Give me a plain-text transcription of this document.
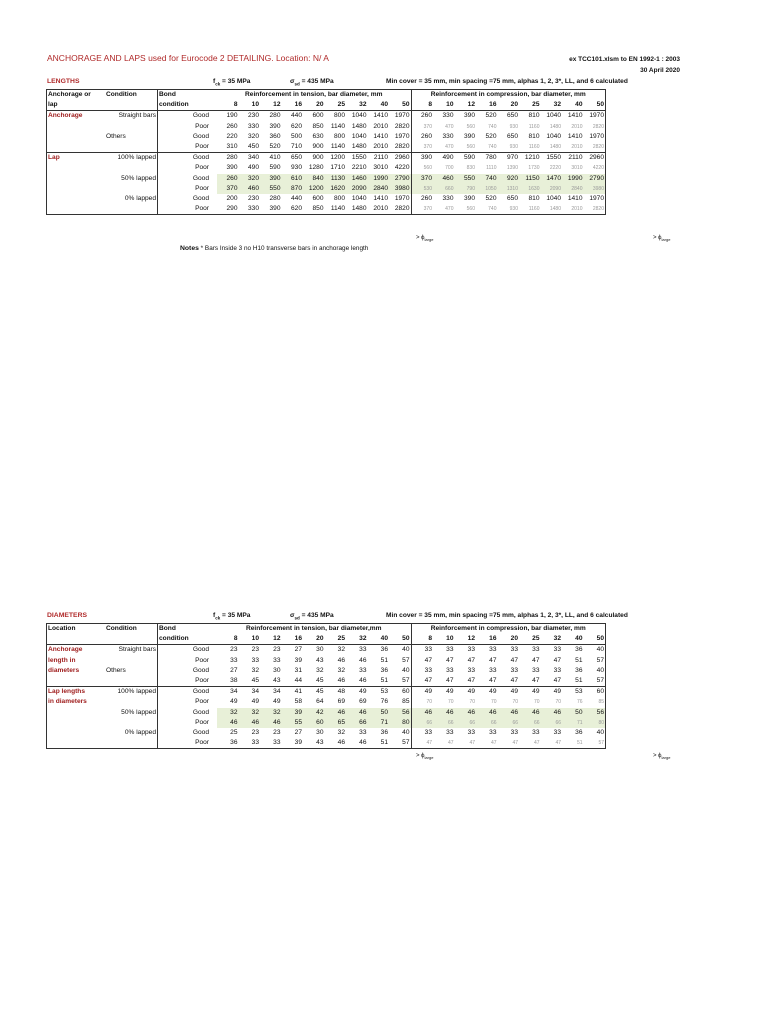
ANCHORAGE AND LAPS used for Eurocode 2 DETAILING. Location: N/ A	ex TCC101.xlsm to EN 1992-1 : 2003
30 April 2020
LENGTHS	$f_{ck} = 35$ MPa	$\sigma_{sd} = 435$ MPa	Min cover = 35 mm, min spacing =75 mm, alphas 1, 2, 3*, LL, and 6 calculated
Anchorage or	Condition	Bond	Reinforcement in tension, bar diameter, mm									Reinforcement in compression, bar diameter, mm								
lap		condition	8	10	12	16	20	25	32	40	50	8	10	12	16	20	25	32	40	50
Anchorage	Straight bars	Good	190	230	280	440	600	800	1040	1410	1970	260	330	390	520	650	810	1040	1410	1970
		Poor	260	330	390	620	850	1140	1480	2010	2820	370	470	560	740	930	1160	1480	2010	2820
	Others	Good	220	320	360	500	630	800	1040	1410	1970	260	330	390	520	650	810	1040	1410	1970
		Poor	310	450	520	710	900	1140	1480	2010	2820	370	470	560	740	930	1160	1480	2010	2820
Lap	100% lapped	Good	280	340	410	650	900	1200	1550	2110	2960	390	490	590	780	970	1210	1550	2110	2960
		Poor	390	490	590	930	1280	1710	2210	3010	4220	560	700	830	1110	1390	1730	2220	3010	4220
	50% lapped	Good	260	320	390	610	840	1130	1460	1990	2790	370	460	550	740	920	1150	1470	1990	2790
		Poor	370	460	550	870	1200	1620	2090	2840	3980	530	660	790	1050	1310	1630	2090	2840	3980
	0% lapped	Good	200	230	280	440	600	800	1040	1410	1970	260	330	390	520	650	810	1040	1410	1970
		Poor	290	330	390	620	850	1140	1480	2010	2820	370	470	560	740	930	1160	1480	2010	2820
> $\phi_{large}$
> $\phi_{large}$
Notes * Bars Inside 3 no H10 transverse bars in anchorage length
DIAMETERS	$f_{ck} = 35$ MPa	$\sigma_{sd} = 435$ MPa	Min cover = 35 mm, min spacing =75 mm, alphas 1, 2, 3*, LL, and 6 calculated
Location	Condition	Bond	Reinforcement in tension, bar diameter,mm									Reinforcement in compression, bar diameter, mm								
		condition	8	10	12	16	20	25	32	40	50	8	10	12	16	20	25	32	40	50
Anchorage	Straight bars	Good	23	23	23	27	30	32	33	36	40	33	33	33	33	33	33	33	36	40
length in		Poor	33	33	33	39	43	46	46	51	57	47	47	47	47	47	47	47	51	57
diameters	Others	Good	27	32	30	31	32	32	33	36	40	33	33	33	33	33	33	33	36	40
		Poor	38	45	43	44	45	46	46	51	57	47	47	47	47	47	47	47	51	57
Lap lengths	100% lapped	Good	34	34	34	41	45	48	49	53	60	49	49	49	49	49	49	49	53	60
in diameters		Poor	49	49	49	58	64	69	69	76	85	70	70	70	70	70	70	70	76	85
	50% lapped	Good	32	32	32	39	42	46	46	50	56	46	46	46	46	46	46	46	50	56
		Poor	46	46	46	55	60	65	66	71	80	66	66	66	66	66	66	66	71	80
	0% lapped	Good	25	23	23	27	30	32	33	36	40	33	33	33	33	33	33	33	36	40
		Poor	36	33	33	39	43	46	46	51	57	47	47	47	47	47	47	47	51	57
> $\phi_{large}$	> $\phi_{large}$
